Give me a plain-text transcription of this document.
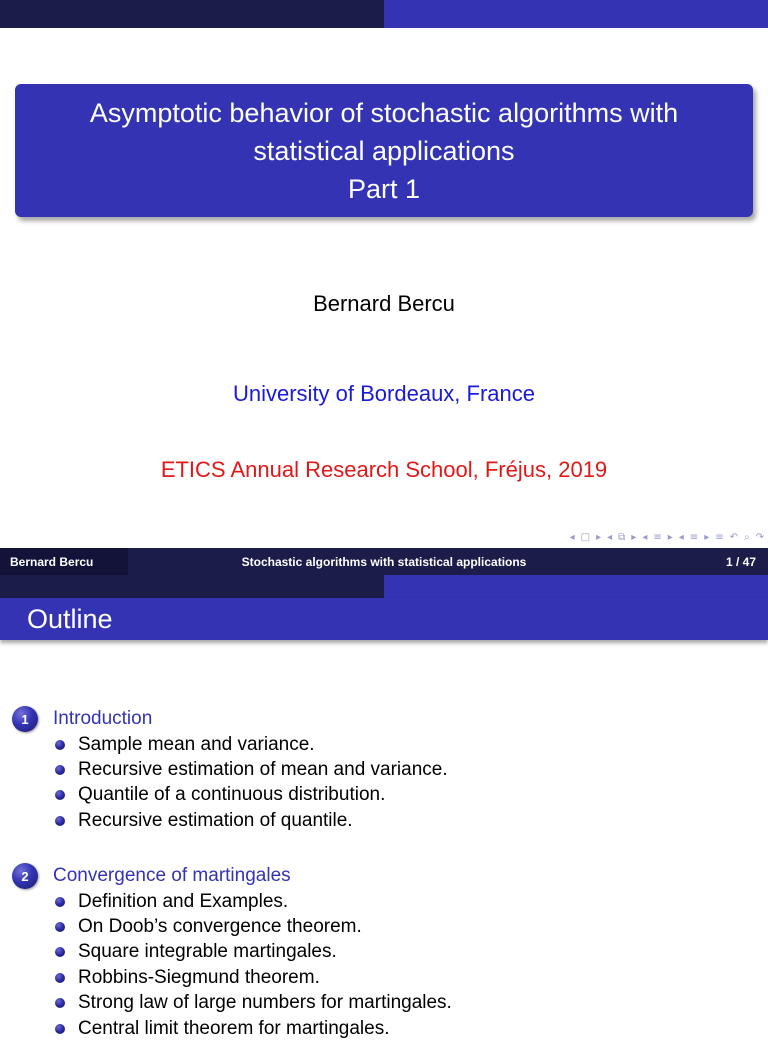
Asymptotic behavior of stochastic algorithms with
statistical applications
Part 1
Bernard Bercu
University of Bordeaux, France
ETICS Annual Research School, Fréjus, 2019
◂ □ ▸ ◂ ⧉ ▸ ◂ ≡ ▸ ◂ ≡ ▸ ≡ ↶ ⌕ ↷
Bernard Bercu	Stochastic algorithms with statistical applications	1 / 47
Outline
1	Introduction
Sample mean and variance.
Recursive estimation of mean and variance.
Quantile of a continuous distribution.
Recursive estimation of quantile.
2	Convergence of martingales
Definition and Examples.
On Doob’s convergence theorem.
Square integrable martingales.
Robbins-Siegmund theorem.
Strong law of large numbers for martingales.
Central limit theorem for martingales.
